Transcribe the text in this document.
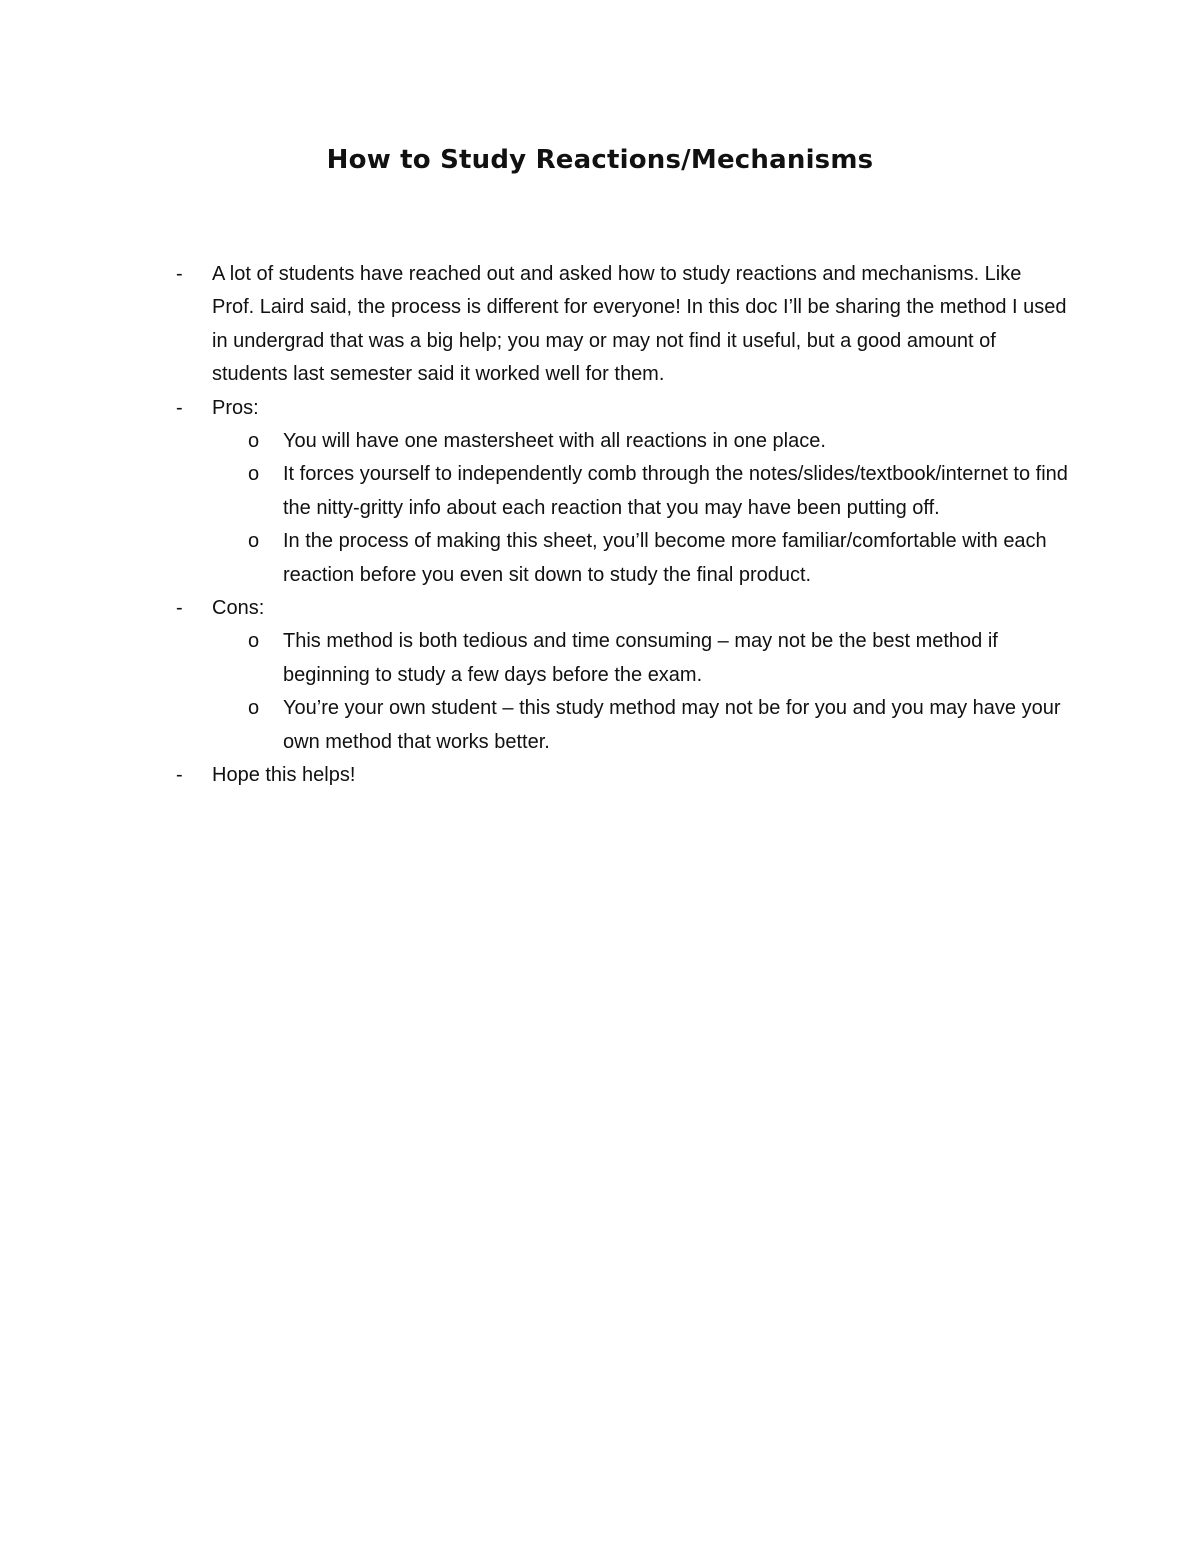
How to Study Reactions/Mechanisms
- A lot of students have reached out and asked how to study reactions and mechanisms. Like Prof. Laird said, the process is different for everyone! In this doc I’ll be sharing the method I used in undergrad that was a big help; you may or may not find it useful, but a good amount of students last semester said it worked well for them.
- Pros:
o You will have one mastersheet with all reactions in one place.
o It forces yourself to independently comb through the notes/slides/textbook/internet to find the nitty-gritty info about each reaction that you may have been putting off.
o In the process of making this sheet, you’ll become more familiar/comfortable with each reaction before you even sit down to study the final product.
- Cons:
o This method is both tedious and time consuming – may not be the best method if beginning to study a few days before the exam.
o You’re your own student – this study method may not be for you and you may have your own method that works better.
- Hope this helps!
